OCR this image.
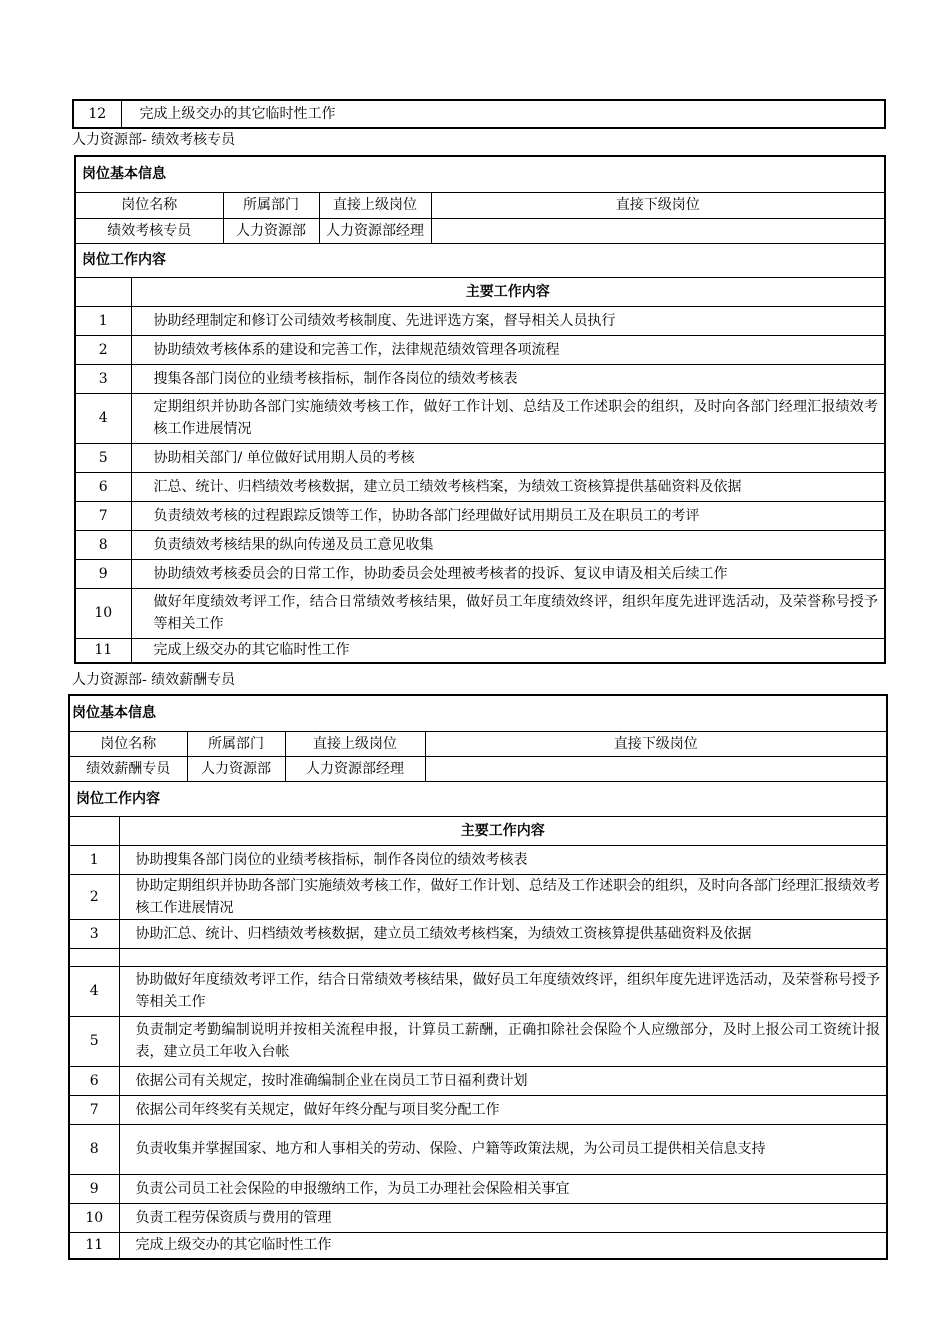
12	完成上级交办的其它临时性工作
人力资源部- 绩效考核专员
岗位基本信息				
岗位名称		所属部门	直接上级岗位	直接下级岗位
绩效考核专员		人力资源部	人力资源部经理	
岗位工作内容				
	主要工作内容			
1	协助经理制定和修订公司绩效考核制度、先进评选方案，督导相关人员执行			
2	协助绩效考核体系的建设和完善工作，法律规范绩效管理各项流程			
3	搜集各部门岗位的业绩考核指标，制作各岗位的绩效考核表			
4	定期组织并协助各部门实施绩效考核工作，做好工作计划、总结及工作述职会的组织，及时向各部门经理汇报绩效考核工作进展情况			
5	协助相关部门/ 单位做好试用期人员的考核			
6	汇总、统计、归档绩效考核数据，建立员工绩效考核档案，为绩效工资核算提供基础资料及依据			
7	负责绩效考核的过程跟踪反馈等工作，协助各部门经理做好试用期员工及在职员工的考评			
8	负责绩效考核结果的纵向传递及员工意见收集			
9	协助绩效考核委员会的日常工作，协助委员会处理被考核者的投诉、复议申请及相关后续工作			
10	做好年度绩效考评工作，结合日常绩效考核结果，做好员工年度绩效终评，组织年度先进评选活动，及荣誉称号授予等相关工作			
11	完成上级交办的其它临时性工作			
人力资源部- 绩效薪酬专员
岗位基本信息				
岗位名称		所属部门	直接上级岗位	直接下级岗位
绩效薪酬专员		人力资源部	人力资源部经理	
岗位工作内容				
	主要工作内容			
1	协助搜集各部门岗位的业绩考核指标，制作各岗位的绩效考核表			
2	协助定期组织并协助各部门实施绩效考核工作，做好工作计划、总结及工作述职会的组织，及时向各部门经理汇报绩效考核工作进展情况			
3	协助汇总、统计、归档绩效考核数据，建立员工绩效考核档案，为绩效工资核算提供基础资料及依据			

4	协助做好年度绩效考评工作，结合日常绩效考核结果，做好员工年度绩效终评，组织年度先进评选活动，及荣誉称号授予等相关工作			
5	负责制定考勤编制说明并按相关流程申报，计算员工薪酬，正确扣除社会保险个人应缴部分，及时上报公司工资统计报表，建立员工年收入台帐			
6	依据公司有关规定，按时准确编制企业在岗员工节日福利费计划			
7	依据公司年终奖有关规定，做好年终分配与项目奖分配工作			
8	负责收集并掌握国家、地方和人事相关的劳动、保险、户籍等政策法规，为公司员工提供相关信息支持			
9	负责公司员工社会保险的申报缴纳工作，为员工办理社会保险相关事宜			
10	负责工程劳保资质与费用的管理			
11	完成上级交办的其它临时性工作			
